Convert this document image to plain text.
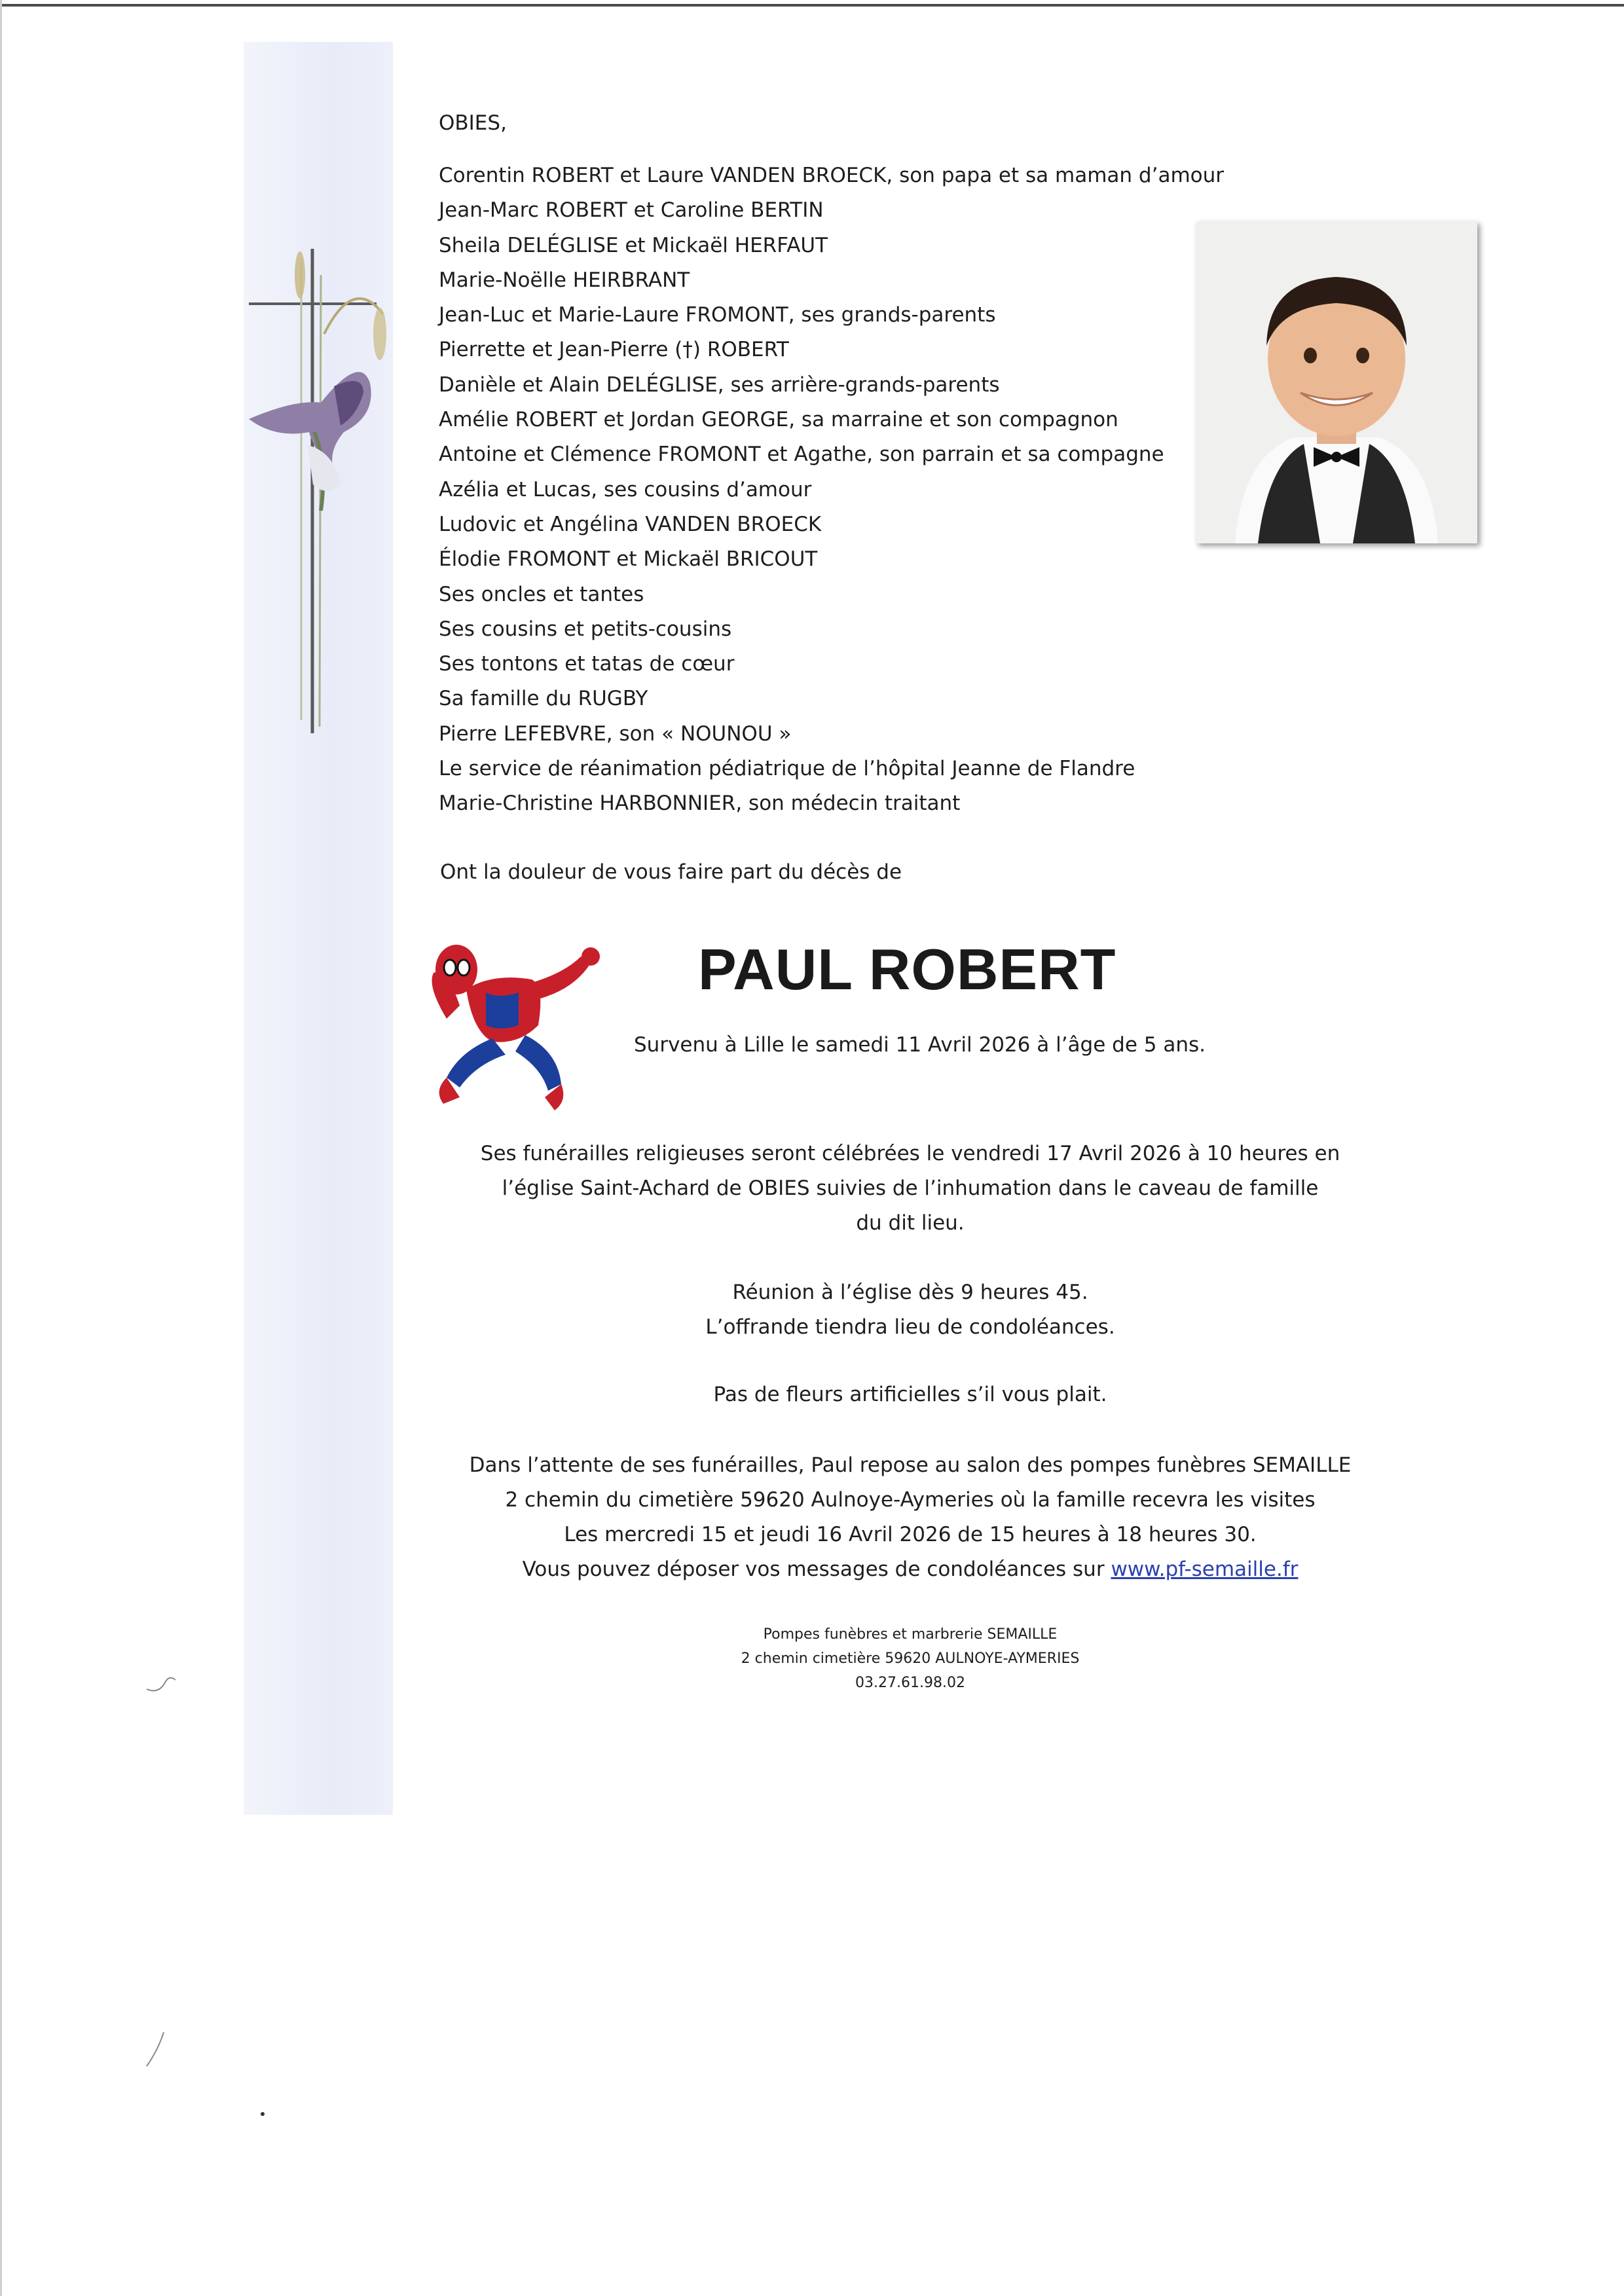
OBIES,

Corentin ROBERT et Laure VANDEN BROECK, son papa et sa maman d’amour
Jean-Marc ROBERT et Caroline BERTIN
Sheila DELÉGLISE et Mickaël HERFAUT
Marie-Noëlle HEIRBRANT
Jean-Luc et Marie-Laure FROMONT, ses grands-parents
Pierrette et Jean-Pierre (†) ROBERT
Danièle et Alain DELÉGLISE, ses arrière-grands-parents
Amélie ROBERT et Jordan GEORGE, sa marraine et son compagnon
Antoine et Clémence FROMONT et Agathe, son parrain et sa compagne
Azélia et Lucas, ses cousins d’amour
Ludovic et Angélina VANDEN BROECK
Élodie FROMONT et Mickaël BRICOUT
Ses oncles et tantes
Ses cousins et petits-cousins
Ses tontons et tatas de cœur
Sa famille du RUGBY
Pierre LEFEBVRE, son « NOUNOU »
Le service de réanimation pédiatrique de l’hôpital Jeanne de Flandre
Marie-Christine HARBONNIER, son médecin traitant
Ont la douleur de vous faire part du décès de
PAUL ROBERT
Survenu à Lille le samedi 11 Avril 2026 à l’âge de 5 ans.

Ses funérailles religieuses seront célébrées le vendredi 17 Avril 2026 à 10 heures en

l’église Saint-Achard de OBIES suivies de l’inhumation dans le caveau de famille

du dit lieu.

Réunion à l’église dès 9 heures 45.

L’offrande tiendra lieu de condoléances.

Pas de fleurs artificielles s’il vous plait.

Dans l’attente de ses funérailles, Paul repose au salon des pompes funèbres SEMAILLE

2 chemin du cimetière 59620 Aulnoye-Aymeries où la famille recevra les visites

Les mercredi 15 et jeudi 16 Avril 2026 de 15 heures à 18 heures 30.

Vous pouvez déposer vos messages de condoléances sur www.pf-semaille.fr

Pompes funèbres et marbrerie SEMAILLE

2 chemin cimetière 59620 AULNOYE-AYMERIES

03.27.61.98.02
